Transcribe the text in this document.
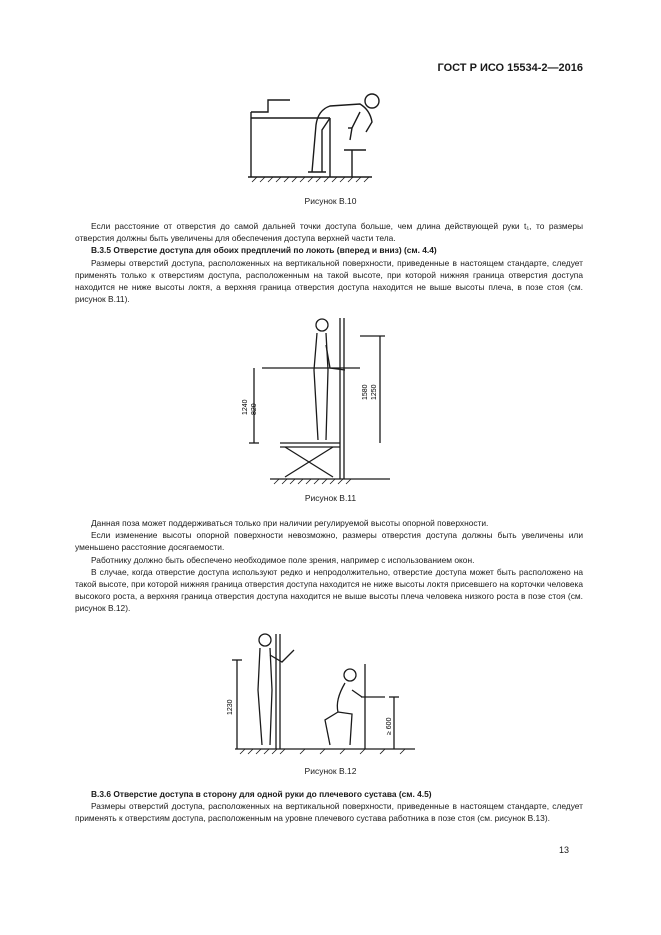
ГОСТ Р ИСО 15534-2—2016
Рисунок В.10

Если расстояние от отверстия до самой дальней точки доступа больше, чем длина действующей руки t₁, то размеры отверстия должны быть увеличены для обеспечения доступа верхней части тела.

В.3.5 Отверстие доступа для обоих предплечий по локоть (вперед и вниз) (см. 4.4)

Размеры отверстий доступа, расположенных на вертикальной поверхности, приведенные в настоящем стандарте, следует применять только к отверстиям доступа, расположенным на такой высоте, при которой нижняя граница отверстия доступа находится не ниже высоты локтя, а верхняя граница отверстия доступа находится не выше высоты плеча, в позе стоя (см. рисунок В.11).

1240 820
1580 1250
Рисунок В.11

Данная поза может поддерживаться только при наличии регулируемой высоты опорной поверхности.

Если изменение высоты опорной поверхности невозможно, размеры отверстия доступа должны быть увеличены или уменьшено расстояние досягаемости.

Работнику должно быть обеспечено необходимое поле зрения, например с использованием окон.

В случае, когда отверстие доступа используют редко и непродолжительно, отверстие доступа может быть расположено на такой высоте, при которой нижняя граница отверстия доступа находится не ниже высоты локтя присевшего на корточки человека высокого роста, а верхняя граница отверстия доступа находится не выше высоты плеча человека низкого роста в позе стоя (см. рисунок В.12).

1230
≥ 600
Рисунок В.12

В.3.6 Отверстие доступа в сторону для одной руки до плечевого сустава (см. 4.5)

Размеры отверстий доступа, расположенных на вертикальной поверхности, приведенные в настоящем стандарте, следует применять к отверстиям доступа, расположенным на уровне плечевого сустава работника в позе стоя (см. рисунок В.13).

13
